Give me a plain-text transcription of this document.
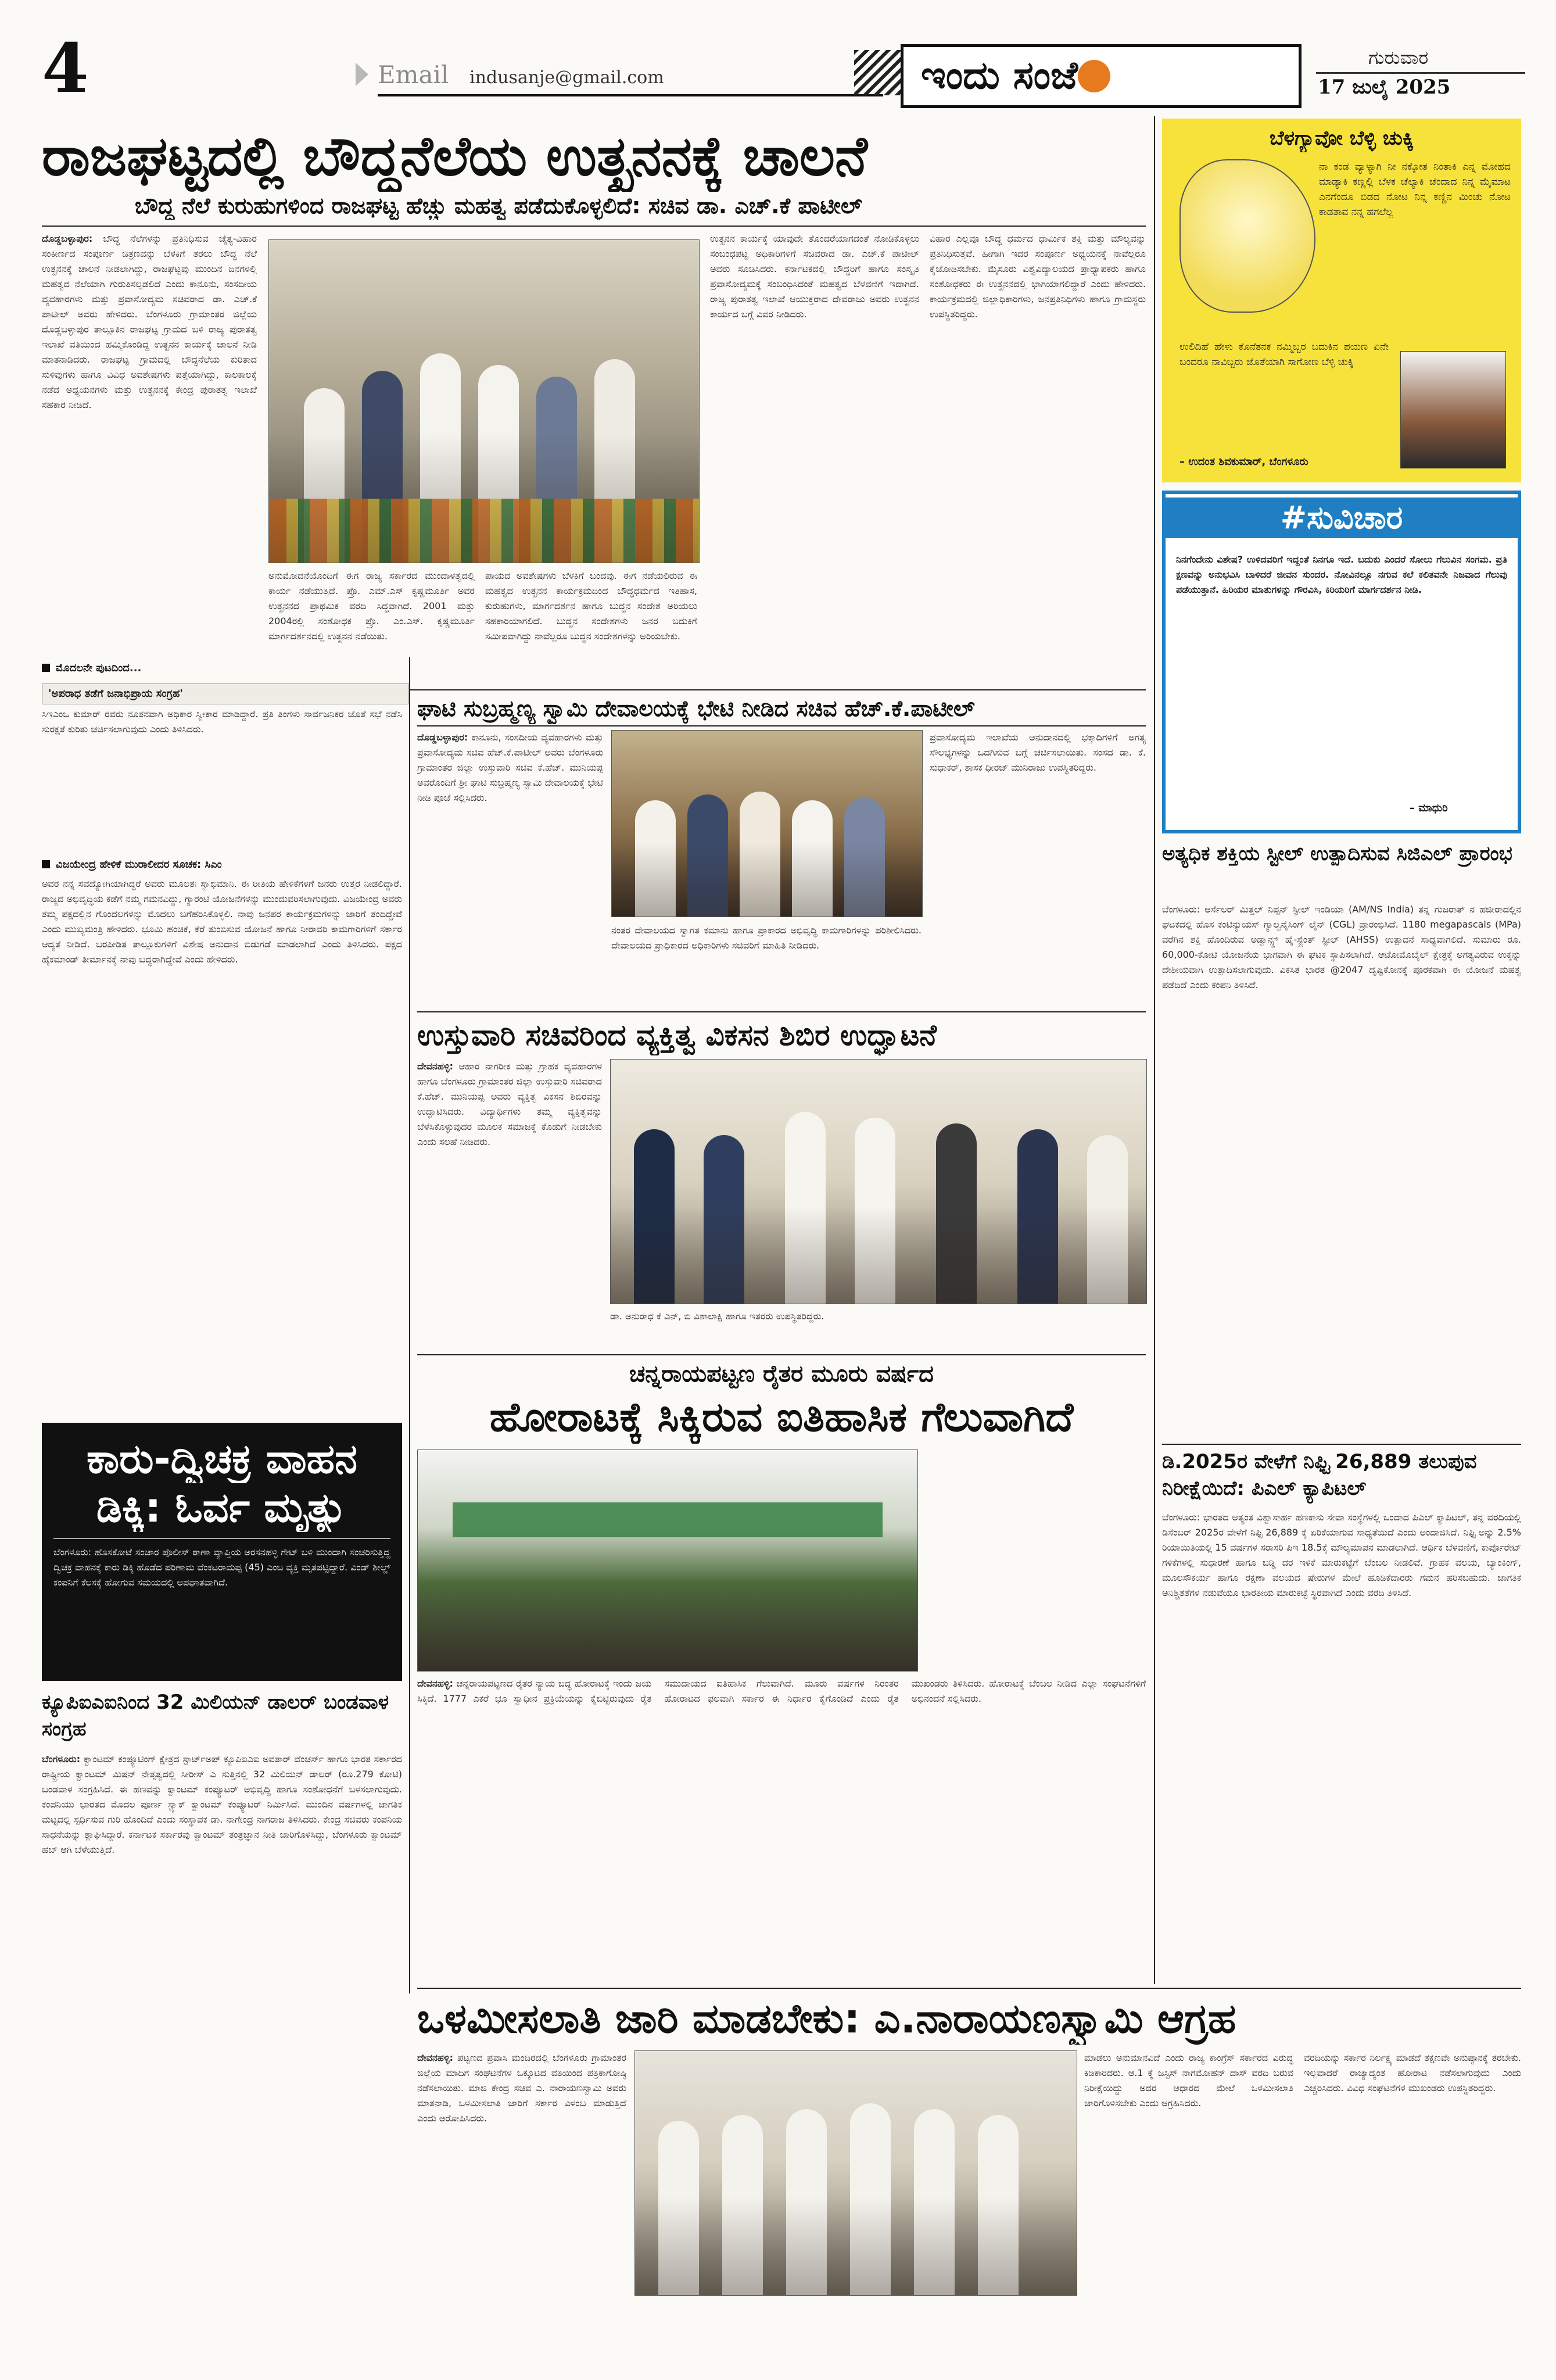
4	Email indusanje@gmail.com	ಇಂದು ಸಂಜೆ	ಗುರುವಾರ
17 ಜುಲೈ 2025
ರಾಜಘಟ್ಟದಲ್ಲಿ ಬೌದ್ಧನೆಲೆಯ ಉತ್ಖನನಕ್ಕೆ ಚಾಲನೆ
ಬೌದ್ಧ ನೆಲೆ ಕುರುಹುಗಳಿಂದ ರಾಜಘಟ್ಟ ಹೆಚ್ಚು ಮಹತ್ವ ಪಡೆದುಕೊಳ್ಳಲಿದೆ: ಸಚಿವ ಡಾ. ಎಚ್.ಕೆ ಪಾಟೀಲ್
ದೊಡ್ಡಬಳ್ಳಾಪುರ: ಬೌದ್ಧ ನೆಲೆಗಳನ್ನು ಪ್ರತಿನಿಧಿಸುವ ಚೈತ್ಯ-ವಿಹಾರ ಸಂಕೀರ್ಣದ ಸಂಪೂರ್ಣ ಚಿತ್ರಣವನ್ನು ಬೆಳಕಿಗೆ ತರಲು ಬೌದ್ಧ ನೆಲೆ ಉತ್ಖನನಕ್ಕೆ ಚಾಲನೆ ನೀಡಲಾಗಿದ್ದು, ರಾಜಘಟ್ಟವು ಮುಂದಿನ ದಿನಗಳಲ್ಲಿ ಮಹತ್ವದ ನೆಲೆಯಾಗಿ ಗುರುತಿಸಲ್ಪಡಲಿದೆ ಎಂದು ಕಾನೂನು, ಸಂಸದೀಯ ವ್ಯವಹಾರಗಳು ಮತ್ತು ಪ್ರವಾಸೋದ್ಯಮ ಸಚಿವರಾದ ಡಾ. ಎಚ್.ಕೆ ಪಾಟೀಲ್ ಅವರು ಹೇಳಿದರು. ಬೆಂಗಳೂರು ಗ್ರಾಮಾಂತರ ಜಿಲ್ಲೆಯ ದೊಡ್ಡಬಳ್ಳಾಪುರ ತಾಲ್ಲೂಕಿನ ರಾಜಘಟ್ಟ ಗ್ರಾಮದ ಬಳಿ ರಾಜ್ಯ ಪುರಾತತ್ವ ಇಲಾಖೆ ವತಿಯಿಂದ ಹಮ್ಮಿಕೊಂಡಿದ್ದ ಉತ್ಖನನ ಕಾರ್ಯಕ್ಕೆ ಚಾಲನೆ ನೀಡಿ ಮಾತನಾಡಿದರು. ರಾಜಘಟ್ಟ ಗ್ರಾಮದಲ್ಲಿ ಬೌದ್ಧನೆಲೆಯ ಕುರಿತಾದ ಸುಳಿವುಗಳು ಹಾಗೂ ವಿವಿಧ ಅವಶೇಷಗಳು ಪತ್ತೆಯಾಗಿದ್ದು, ಕಾಲಕಾಲಕ್ಕೆ ನಡೆದ ಅಧ್ಯಯನಗಳು ಮತ್ತು ಉತ್ಖನನಕ್ಕೆ ಕೇಂದ್ರ ಪುರಾತತ್ವ ಇಲಾಖೆ ಸಹಕಾರ ನೀಡಿದೆ.
ಅನುಮೋದನೆಯೊಂದಿಗೆ ಈಗ ರಾಜ್ಯ ಸರ್ಕಾರದ ಮುಂದಾಳತ್ವದಲ್ಲಿ ಕಾರ್ಯ ನಡೆಯುತ್ತಿದೆ. ಪ್ರೊ. ಎಮ್.ಎಸ್ ಕೃಷ್ಣಮೂರ್ತಿ ಅವರ ಉತ್ಖನನದ ಪ್ರಾಥಮಿಕ ವರದಿ ಸಿದ್ಧವಾಗಿದೆ. 2001 ಮತ್ತು 2004ರಲ್ಲಿ ಸಂಶೋಧಕ ಪ್ರೊ. ಎಂ.ಎಸ್. ಕೃಷ್ಣಮೂರ್ತಿ ಮಾರ್ಗದರ್ಶನದಲ್ಲಿ ಉತ್ಖನನ ನಡೆಯಿತು.
ಪಾಯದ ಅವಶೇಷಗಳು ಬೆಳಕಿಗೆ ಬಂದವು. ಈಗ ನಡೆಯಲಿರುವ ಈ ಮಹತ್ವದ ಉತ್ಖನನ ಕಾರ್ಯಕ್ರಮದಿಂದ ಬೌದ್ಧಧರ್ಮದ ಇತಿಹಾಸ, ಕುರುಹುಗಳು, ಮಾರ್ಗದರ್ಶನ ಹಾಗೂ ಬುದ್ಧನ ಸಂದೇಶ ಅರಿಯಲು ಸಹಕಾರಿಯಾಗಲಿದೆ. ಬುದ್ಧನ ಸಂದೇಶಗಳು ಜನರ ಬದುಕಿಗೆ ಸಮೀಪವಾಗಿದ್ದು ನಾವೆಲ್ಲರೂ ಬುದ್ಧನ ಸಂದೇಶಗಳನ್ನು ಅರಿಯಬೇಕು.
ಉತ್ಖನನ ಕಾರ್ಯಕ್ಕೆ ಯಾವುದೇ ತೊಂದರೆಯಾಗದಂತೆ ನೋಡಿಕೊಳ್ಳಲು ಸಂಬಂಧಪಟ್ಟ ಅಧಿಕಾರಿಗಳಿಗೆ ಸಚಿವರಾದ ಡಾ. ಎಚ್.ಕೆ ಪಾಟೀಲ್ ಅವರು ಸೂಚಿಸಿದರು. ಕರ್ನಾಟಕದಲ್ಲಿ ಬೌದ್ಧರಿಗೆ ಹಾಗೂ ಸಂಸ್ಕೃತಿ ಪ್ರವಾಸೋದ್ಯಮಕ್ಕೆ ಸಂಬಂಧಿಸಿದಂತೆ ಮಹತ್ವದ ಬೆಳವಣಿಗೆ ಇದಾಗಿದೆ. ರಾಜ್ಯ ಪುರಾತತ್ವ ಇಲಾಖೆ ಆಯುಕ್ತರಾದ ದೇವರಾಜು ಅವರು ಉತ್ಖನನ ಕಾರ್ಯದ ಬಗ್ಗೆ ವಿವರ ನೀಡಿದರು.
ವಿಹಾರ ಎಲ್ಲವೂ ಬೌದ್ಧ ಧರ್ಮದ ಧಾರ್ಮಿಕ ಶಕ್ತಿ ಮತ್ತು ಮೌಲ್ಯವನ್ನು ಪ್ರತಿನಿಧಿಸುತ್ತವೆ. ಹೀಗಾಗಿ ಇದರ ಸಂಪೂರ್ಣ ಅಧ್ಯಯನಕ್ಕೆ ನಾವೆಲ್ಲರೂ ಕೈಜೋಡಿಸಬೇಕು. ಮೈಸೂರು ವಿಶ್ವವಿದ್ಯಾಲಯದ ಪ್ರಾಧ್ಯಾಪಕರು ಹಾಗೂ ಸಂಶೋಧಕರು ಈ ಉತ್ಖನನದಲ್ಲಿ ಭಾಗಿಯಾಗಲಿದ್ದಾರೆ ಎಂದು ಹೇಳಿದರು. ಕಾರ್ಯಕ್ರಮದಲ್ಲಿ ಜಿಲ್ಲಾಧಿಕಾರಿಗಳು, ಜನಪ್ರತಿನಿಧಿಗಳು ಹಾಗೂ ಗ್ರಾಮಸ್ಥರು ಉಪಸ್ಥಿತರಿದ್ದರು.
ಮೊದಲನೇ ಪುಟದಿಂದ...
'ಅಪರಾಧ ತಡೆಗೆ ಜನಾಭಿಪ್ರಾಯ ಸಂಗ್ರಹ'
ಸಿಇಎಂಒ ಕುಮಾರ್ ರವರು ನೂತನವಾಗಿ ಅಧಿಕಾರ ಸ್ವೀಕಾರ ಮಾಡಿದ್ದಾರೆ. ಪ್ರತಿ ತಿಂಗಳು ಸಾರ್ವಜನಿಕರ ಜೊತೆ ಸಭೆ ನಡೆಸಿ ಸುರಕ್ಷತೆ ಕುರಿತು ಚರ್ಚಿಸಲಾಗುವುದು ಎಂದು ತಿಳಿಸಿದರು.
ವಿಜಯೇಂದ್ರ ಹೇಳಿಕೆ ಮುರಾಲೀದರ ಸೂಚಕ: ಸಿಎಂ
ಅವರ ನನ್ನ ಸವದ್ಯೋಗಿಯಾಗಿದ್ದರೆ ಅವರು ಮೂಲತಃ ಸ್ವಾಭಿಮಾನಿ. ಈ ರೀತಿಯ ಹೇಳಿಕೆಗಳಿಗೆ ಜನರು ಉತ್ತರ ನೀಡಲಿದ್ದಾರೆ. ರಾಜ್ಯದ ಅಭಿವೃದ್ಧಿಯ ಕಡೆಗೆ ನಮ್ಮ ಗಮನವಿದ್ದು, ಗ್ಯಾರಂಟಿ ಯೋಜನೆಗಳನ್ನು ಮುಂದುವರಿಸಲಾಗುವುದು. ವಿಜಯೇಂದ್ರ ಅವರು ತಮ್ಮ ಪಕ್ಷದಲ್ಲಿನ ಗೊಂದಲಗಳನ್ನು ಮೊದಲು ಬಗೆಹರಿಸಿಕೊಳ್ಳಲಿ. ನಾವು ಜನಪರ ಕಾರ್ಯಕ್ರಮಗಳನ್ನು ಜಾರಿಗೆ ತಂದಿದ್ದೇವೆ ಎಂದು ಮುಖ್ಯಮಂತ್ರಿ ಹೇಳಿದರು. ಭೂಮಿ ಹಂಚಿಕೆ, ಕೆರೆ ತುಂಬಿಸುವ ಯೋಜನೆ ಹಾಗೂ ನೀರಾವರಿ ಕಾಮಗಾರಿಗಳಿಗೆ ಸರ್ಕಾರ ಆದ್ಯತೆ ನೀಡಿದೆ. ಬರಪೀಡಿತ ತಾಲ್ಲೂಕುಗಳಿಗೆ ವಿಶೇಷ ಅನುದಾನ ಬಿಡುಗಡೆ ಮಾಡಲಾಗಿದೆ ಎಂದು ತಿಳಿಸಿದರು. ಪಕ್ಷದ ಹೈಕಮಾಂಡ್ ತೀರ್ಮಾನಕ್ಕೆ ನಾವು ಬದ್ಧರಾಗಿದ್ದೇವೆ ಎಂದು ಹೇಳಿದರು.
ಕಾರು-ದ್ವಿಚಕ್ರ ವಾಹನ
ಡಿಕ್ಕಿ: ಓರ್ವ ಮೃತ್ಯು
ಬೆಂಗಳೂರು: ಹೊಸಕೋಟೆ ಸಂಚಾರ ಪೊಲೀಸ್ ಠಾಣಾ ವ್ಯಾಪ್ತಿಯ ಅರಸನಹಳ್ಳಿ ಗೇಟ್ ಬಳಿ ಮುಂದಾಗಿ ಸಂಚರಿಸುತ್ತಿದ್ದ ದ್ವಿಚಕ್ರ ವಾಹನಕ್ಕೆ ಕಾರು ಡಿಕ್ಕಿ ಹೊಡೆದ ಪರಿಣಾಮ ವೆಂಕಟರಾಮಪ್ಪ (45) ಎಂಬ ವ್ಯಕ್ತಿ ಮೃತಪಟ್ಟಿದ್ದಾರೆ. ವಿಂಡ್ ಶೀಲ್ಡ್ ಕಂಪನಿಗೆ ಕೆಲಸಕ್ಕೆ ಹೋಗುವ ಸಮಯದಲ್ಲಿ ಅಪಘಾತವಾಗಿದೆ.
ಕ್ಯೂಪಿಐಎಐನಿಂದ 32 ಮಿಲಿಯನ್ ಡಾಲರ್ ಬಂಡವಾಳ ಸಂಗ್ರಹ
ಬೆಂಗಳೂರು: ಕ್ವಾಂಟಮ್ ಕಂಪ್ಯೂಟಿಂಗ್ ಕ್ಷೇತ್ರದ ಸ್ಟಾರ್ಟ್ಅಪ್ ಕ್ಯೂಪಿಐಎಐ ಅವತಾರ್ ವೆಂಚರ್ಸ್ ಹಾಗೂ ಭಾರತ ಸರ್ಕಾರದ ರಾಷ್ಟ್ರೀಯ ಕ್ವಾಂಟಮ್ ಮಿಷನ್ ನೇತೃತ್ವದಲ್ಲಿ ಸೀರೀಸ್ ಎ ಸುತ್ತಿನಲ್ಲಿ 32 ಮಿಲಿಯನ್ ಡಾಲರ್ (ರೂ.279 ಕೋಟಿ) ಬಂಡವಾಳ ಸಂಗ್ರಹಿಸಿದೆ. ಈ ಹಣವನ್ನು ಕ್ವಾಂಟಮ್ ಕಂಪ್ಯೂಟರ್ ಅಭಿವೃದ್ಧಿ ಹಾಗೂ ಸಂಶೋಧನೆಗೆ ಬಳಸಲಾಗುವುದು. ಕಂಪನಿಯು ಭಾರತದ ಮೊದಲ ಪೂರ್ಣ ಸ್ಟ್ಯಾಕ್ ಕ್ವಾಂಟಮ್ ಕಂಪ್ಯೂಟರ್ ನಿರ್ಮಿಸಿದೆ. ಮುಂದಿನ ವರ್ಷಗಳಲ್ಲಿ ಜಾಗತಿಕ ಮಟ್ಟದಲ್ಲಿ ಸ್ಪರ್ಧಿಸುವ ಗುರಿ ಹೊಂದಿದೆ ಎಂದು ಸಂಸ್ಥಾಪಕ ಡಾ. ನಾಗೇಂದ್ರ ನಾಗರಾಜ ತಿಳಿಸಿದರು. ಕೇಂದ್ರ ಸಚಿವರು ಕಂಪನಿಯ ಸಾಧನೆಯನ್ನು ಶ್ಲಾಘಿಸಿದ್ದಾರೆ. ಕರ್ನಾಟಕ ಸರ್ಕಾರವು ಕ್ವಾಂಟಮ್ ತಂತ್ರಜ್ಞಾನ ನೀತಿ ಜಾರಿಗೊಳಿಸಿದ್ದು, ಬೆಂಗಳೂರು ಕ್ವಾಂಟಮ್ ಹಬ್ ಆಗಿ ಬೆಳೆಯುತ್ತಿದೆ.
ಘಾಟಿ ಸುಬ್ರಹ್ಮಣ್ಯ ಸ್ವಾಮಿ ದೇವಾಲಯಕ್ಕೆ ಭೇಟಿ ನೀಡಿದ ಸಚಿವ ಹೆಚ್.ಕೆ.ಪಾಟೀಲ್
ದೊಡ್ಡಬಳ್ಳಾಪುರ: ಕಾನೂನು, ಸಂಸದೀಯ ವ್ಯವಹಾರಗಳು ಮತ್ತು ಪ್ರವಾಸೋದ್ಯಮ ಸಚಿವ ಹೆಚ್.ಕೆ.ಪಾಟೀಲ್ ಅವರು ಬೆಂಗಳೂರು ಗ್ರಾಮಾಂತರ ಜಿಲ್ಲಾ ಉಸ್ತುವಾರಿ ಸಚಿವ ಕೆ.ಹೆಚ್. ಮುನಿಯಪ್ಪ ಅವರೊಂದಿಗೆ ಶ್ರೀ ಘಾಟಿ ಸುಬ್ರಹ್ಮಣ್ಯ ಸ್ವಾಮಿ ದೇವಾಲಯಕ್ಕೆ ಭೇಟಿ ನೀಡಿ ಪೂಜೆ ಸಲ್ಲಿಸಿದರು.
ನಂತರ ದೇವಾಲಯದ ಸ್ವಾಗತ ಕಮಾನು ಹಾಗೂ ಪ್ರಾಕಾರದ ಅಭಿವೃದ್ಧಿ ಕಾಮಗಾರಿಗಳನ್ನು ಪರಿಶೀಲಿಸಿದರು. ದೇವಾಲಯದ ಪ್ರಾಧಿಕಾರದ ಅಧಿಕಾರಿಗಳು ಸಚಿವರಿಗೆ ಮಾಹಿತಿ ನೀಡಿದರು.
ಪ್ರವಾಸೋದ್ಯಮ ಇಲಾಖೆಯ ಅನುದಾನದಲ್ಲಿ ಭಕ್ತಾದಿಗಳಿಗೆ ಅಗತ್ಯ ಸೌಲಭ್ಯಗಳನ್ನು ಒದಗಿಸುವ ಬಗ್ಗೆ ಚರ್ಚಿಸಲಾಯಿತು. ಸಂಸದ ಡಾ. ಕೆ. ಸುಧಾಕರ್, ಶಾಸಕ ಧೀರಜ್ ಮುನಿರಾಜು ಉಪಸ್ಥಿತರಿದ್ದರು.
ಉಸ್ತುವಾರಿ ಸಚಿವರಿಂದ ವ್ಯಕ್ತಿತ್ವ ವಿಕಸನ ಶಿಬಿರ ಉದ್ಘಾಟನೆ
ದೇವನಹಳ್ಳಿ: ಆಹಾರ ನಾಗರೀಕ ಮತ್ತು ಗ್ರಾಹಕ ವ್ಯವಹಾರಗಳ ಹಾಗೂ ಬೆಂಗಳೂರು ಗ್ರಾಮಾಂತರ ಜಿಲ್ಲಾ ಉಸ್ತುವಾರಿ ಸಚಿವರಾದ ಕೆ.ಹೆಚ್. ಮುನಿಯಪ್ಪ ಅವರು ವ್ಯಕ್ತಿತ್ವ ವಿಕಸನ ಶಿಬಿರವನ್ನು ಉದ್ಘಾಟಿಸಿದರು. ವಿದ್ಯಾರ್ಥಿಗಳು ತಮ್ಮ ವ್ಯಕ್ತಿತ್ವವನ್ನು ಬೆಳೆಸಿಕೊಳ್ಳುವುದರ ಮೂಲಕ ಸಮಾಜಕ್ಕೆ ಕೊಡುಗೆ ನೀಡಬೇಕು ಎಂದು ಸಲಹೆ ನೀಡಿದರು.
ಡಾ. ಅನುರಾಧ ಕೆ ಎನ್, ಬಿ ವಿಶಾಲಾಕ್ಷಿ ಹಾಗೂ ಇತರರು ಉಪಸ್ಥಿತರಿದ್ದರು.
ಚನ್ನರಾಯಪಟ್ಟಣ ರೈತರ ಮೂರು ವರ್ಷದ
ಹೋರಾಟಕ್ಕೆ ಸಿಕ್ಕಿರುವ ಐತಿಹಾಸಿಕ ಗೆಲುವಾಗಿದೆ
ದೇವನಹಳ್ಳಿ: ಚನ್ನರಾಯಪಟ್ಟಣದ ರೈತರ ನ್ಯಾಯ ಬದ್ಧ ಹೋರಾಟಕ್ಕೆ ಇಂದು ಜಯ ಸಿಕ್ಕಿದೆ. 1777 ಎಕರೆ ಭೂ ಸ್ವಾಧೀನ ಪ್ರಕ್ರಿಯೆಯನ್ನು ಕೈಬಿಟ್ಟಿರುವುದು ರೈತ ಸಮುದಾಯದ ಐತಿಹಾಸಿಕ ಗೆಲುವಾಗಿದೆ. ಮೂರು ವರ್ಷಗಳ ನಿರಂತರ ಹೋರಾಟದ ಫಲವಾಗಿ ಸರ್ಕಾರ ಈ ನಿರ್ಧಾರ ಕೈಗೊಂಡಿದೆ ಎಂದು ರೈತ ಮುಖಂಡರು ತಿಳಿಸಿದರು. ಹೋರಾಟಕ್ಕೆ ಬೆಂಬಲ ನೀಡಿದ ಎಲ್ಲಾ ಸಂಘಟನೆಗಳಿಗೆ ಅಭಿನಂದನೆ ಸಲ್ಲಿಸಿದರು.
ಒಳಮೀಸಲಾತಿ ಜಾರಿ ಮಾಡಬೇಕು: ಎ.ನಾರಾಯಣಸ್ವಾಮಿ ಆಗ್ರಹ
ದೇವನಹಳ್ಳಿ: ಪಟ್ಟಣದ ಪ್ರವಾಸಿ ಮಂದಿರದಲ್ಲಿ ಬೆಂಗಳೂರು ಗ್ರಾಮಾಂತರ ಜಿಲ್ಲೆಯ ಮಾದಿಗ ಸಂಘಟನೆಗಳ ಒಕ್ಕೂಟದ ವತಿಯಿಂದ ಪತ್ರಿಕಾಗೋಷ್ಠಿ ನಡೆಸಲಾಯಿತು. ಮಾಜಿ ಕೇಂದ್ರ ಸಚಿವ ಎ. ನಾರಾಯಣಸ್ವಾಮಿ ಅವರು ಮಾತನಾಡಿ, ಒಳಮೀಸಲಾತಿ ಜಾರಿಗೆ ಸರ್ಕಾರ ವಿಳಂಬ ಮಾಡುತ್ತಿದೆ ಎಂದು ಆರೋಪಿಸಿದರು.
ಮಾಡಲು ಅನುಮಾನವಿದೆ ಎಂದು ರಾಜ್ಯ ಕಾಂಗ್ರೆಸ್ ಸರ್ಕಾರದ ವಿರುದ್ಧ ಕಿಡಿಕಾರಿದರು. ಆ.1 ಕ್ಕೆ ಜಸ್ಟಿಸ್ ನಾಗಮೋಹನ್ ದಾಸ್ ವರದಿ ಬರುವ ನಿರೀಕ್ಷೆಯಿದ್ದು ಅದರ ಆಧಾರದ ಮೇಲೆ ಒಳಮೀಸಲಾತಿ ಜಾರಿಗೊಳಿಸಬೇಕು ಎಂದು ಆಗ್ರಹಿಸಿದರು.
ವರದಿಯನ್ನು ಸರ್ಕಾರ ನಿರ್ಲಕ್ಷ್ಯ ಮಾಡದೆ ತಕ್ಷಣವೇ ಅನುಷ್ಠಾನಕ್ಕೆ ತರಬೇಕು. ಇಲ್ಲವಾದರೆ ರಾಜ್ಯಾದ್ಯಂತ ಹೋರಾಟ ನಡೆಸಲಾಗುವುದು ಎಂದು ಎಚ್ಚರಿಸಿದರು. ವಿವಿಧ ಸಂಘಟನೆಗಳ ಮುಖಂಡರು ಉಪಸ್ಥಿತರಿದ್ದರು.
ಬೆಳಗ್ಯಾವೋ ಬೆಳ್ಳಿ ಚುಕ್ಕಿ
ನಾ ಕಂಡ ವ್ಯಾಳ್ಯಾಗಿ ನೀ ನಕ್ಕೋತ ನಿಂತಾಕಿ ಎನ್ನ ಮೋಹದ ಮಾಡ್ಯಾಕಿ ಕಣ್ಣಲ್ಲಿ ಬೆಳಕ ಚೆಲ್ಯಾಕಿ ಚೆಂದಾದ ನಿನ್ನ ಮೈಮಾಟ ಎನಗೆಂದೂ ಬಿಡದ ನೋಟ ನಿನ್ನ ಕಣ್ಣಿನ ಮಿಂಚು ನೋಟ ಕಾಡತಾವ ನನ್ನ ಹಗಲೆಲ್ಲ
ಉಲಿದಿಹೆ ಹೇಳು ಕೊನೆತನಕ ನಮ್ಮಿಬ್ಬರ ಬದುಕಿನ ಪಯಣ ಏನೇ ಬಂದರೂ ನಾವಿಬ್ಬರು ಜೊತೆಯಾಗಿ ಸಾಗೋಣ ಬೆಳ್ಳಿ ಚುಕ್ಕಿ
– ಉದಂತ ಶಿವಕುಮಾರ್, ಬೆಂಗಳೂರು
#ಸುವಿಚಾರ
ನಿನಗೆಂದೇನು ವಿಶೇಷ? ಉಳಿದವರಿಗೆ ಇದ್ದಂತೆ ನಿನಗೂ ಇದೆ. ಬದುಕು ಎಂದರೆ ಸೋಲು ಗೆಲುವಿನ ಸಂಗಮ. ಪ್ರತಿ ಕ್ಷಣವನ್ನು ಅನುಭವಿಸಿ ಬಾಳಿದರೆ ಜೀವನ ಸುಂದರ. ನೋವಿನಲ್ಲೂ ನಗುವ ಕಲೆ ಕಲಿತವನೇ ನಿಜವಾದ ಗೆಲುವು ಪಡೆಯುತ್ತಾನೆ. ಹಿರಿಯರ ಮಾತುಗಳನ್ನು ಗೌರವಿಸಿ, ಕಿರಿಯರಿಗೆ ಮಾರ್ಗದರ್ಶನ ನೀಡಿ.
– ಮಾಧುರಿ
ಅತ್ಯಧಿಕ ಶಕ್ತಿಯ ಸ್ಟೀಲ್ ಉತ್ಪಾದಿಸುವ ಸಿಜಿಎಲ್ ಪ್ರಾರಂಭ
ಬೆಂಗಳೂರು: ಆರ್ಸೆಲರ್ ಮಿತ್ತಲ್ ನಿಪ್ಪನ್ ಸ್ಟೀಲ್ ಇಂಡಿಯಾ (AM/NS India) ತನ್ನ ಗುಜರಾತ್ ನ ಹಜೀರಾದಲ್ಲಿನ ಘಟಕದಲ್ಲಿ ಹೊಸ ಕಂಟಿನ್ಯುಯಸ್ ಗ್ಯಾಲ್ವನೈಸಿಂಗ್ ಲೈನ್ (CGL) ಪ್ರಾರಂಭಿಸಿದೆ. 1180 megapascals (MPa) ವರೆಗಿನ ಶಕ್ತಿ ಹೊಂದಿರುವ ಅಡ್ವಾನ್ಸ್ಡ್ ಹೈ-ಸ್ಟ್ರೆಂತ್ ಸ್ಟೀಲ್ (AHSS) ಉತ್ಪಾದನೆ ಸಾಧ್ಯವಾಗಲಿದೆ. ಸುಮಾರು ರೂ. 60,000-ಕೋಟಿ ಯೋಜನೆಯ ಭಾಗವಾಗಿ ಈ ಘಟಕ ಸ್ಥಾಪಿಸಲಾಗಿದೆ. ಆಟೋಮೊಬೈಲ್ ಕ್ಷೇತ್ರಕ್ಕೆ ಅಗತ್ಯವಿರುವ ಉಕ್ಕನ್ನು ದೇಶೀಯವಾಗಿ ಉತ್ಪಾದಿಸಲಾಗುವುದು. ವಿಕಸಿತ ಭಾರತ @2047 ದೃಷ್ಟಿಕೋನಕ್ಕೆ ಪೂರಕವಾಗಿ ಈ ಯೋಜನೆ ಮಹತ್ವ ಪಡೆದಿದೆ ಎಂದು ಕಂಪನಿ ತಿಳಿಸಿದೆ.
ಡಿ.2025ರ ವೇಳೆಗೆ ನಿಫ್ಟಿ 26,889 ತಲುಪುವ ನಿರೀಕ್ಷೆಯಿದೆ: ಪಿಎಲ್ ಕ್ಯಾಪಿಟಲ್
ಬೆಂಗಳೂರು: ಭಾರತದ ಅತ್ಯಂತ ವಿಶ್ವಾಸಾರ್ಹ ಹಣಕಾಸು ಸೇವಾ ಸಂಸ್ಥೆಗಳಲ್ಲಿ ಒಂದಾದ ಪಿಎಲ್ ಕ್ಯಾಪಿಟಲ್, ತನ್ನ ವರದಿಯಲ್ಲಿ ಡಿಸೆಂಬರ್ 2025ರ ವೇಳೆಗೆ ನಿಫ್ಟಿ 26,889 ಕ್ಕೆ ಏರಿಕೆಯಾಗುವ ಸಾಧ್ಯತೆಯಿದೆ ಎಂದು ಅಂದಾಜಿಸಿದೆ. ನಿಫ್ಟಿ ಅನ್ನು 2.5% ರಿಯಾಯಿತಿಯಲ್ಲಿ 15 ವರ್ಷಗಳ ಸರಾಸರಿ ಪಿಇ 18.5ಕ್ಕೆ ಮೌಲ್ಯಮಾಪನ ಮಾಡಲಾಗಿದೆ. ಆರ್ಥಿಕ ಬೆಳವಣಿಗೆ, ಕಾರ್ಪೊರೇಟ್ ಗಳಿಕೆಗಳಲ್ಲಿ ಸುಧಾರಣೆ ಹಾಗೂ ಬಡ್ಡಿ ದರ ಇಳಿಕೆ ಮಾರುಕಟ್ಟೆಗೆ ಬೆಂಬಲ ನೀಡಲಿವೆ. ಗ್ರಾಹಕ ವಲಯ, ಬ್ಯಾಂಕಿಂಗ್, ಮೂಲಸೌಕರ್ಯ ಹಾಗೂ ರಕ್ಷಣಾ ವಲಯದ ಷೇರುಗಳ ಮೇಲೆ ಹೂಡಿಕೆದಾರರು ಗಮನ ಹರಿಸಬಹುದು. ಜಾಗತಿಕ ಅನಿಶ್ಚಿತತೆಗಳ ನಡುವೆಯೂ ಭಾರತೀಯ ಮಾರುಕಟ್ಟೆ ಸ್ಥಿರವಾಗಿದೆ ಎಂದು ವರದಿ ತಿಳಿಸಿದೆ.
